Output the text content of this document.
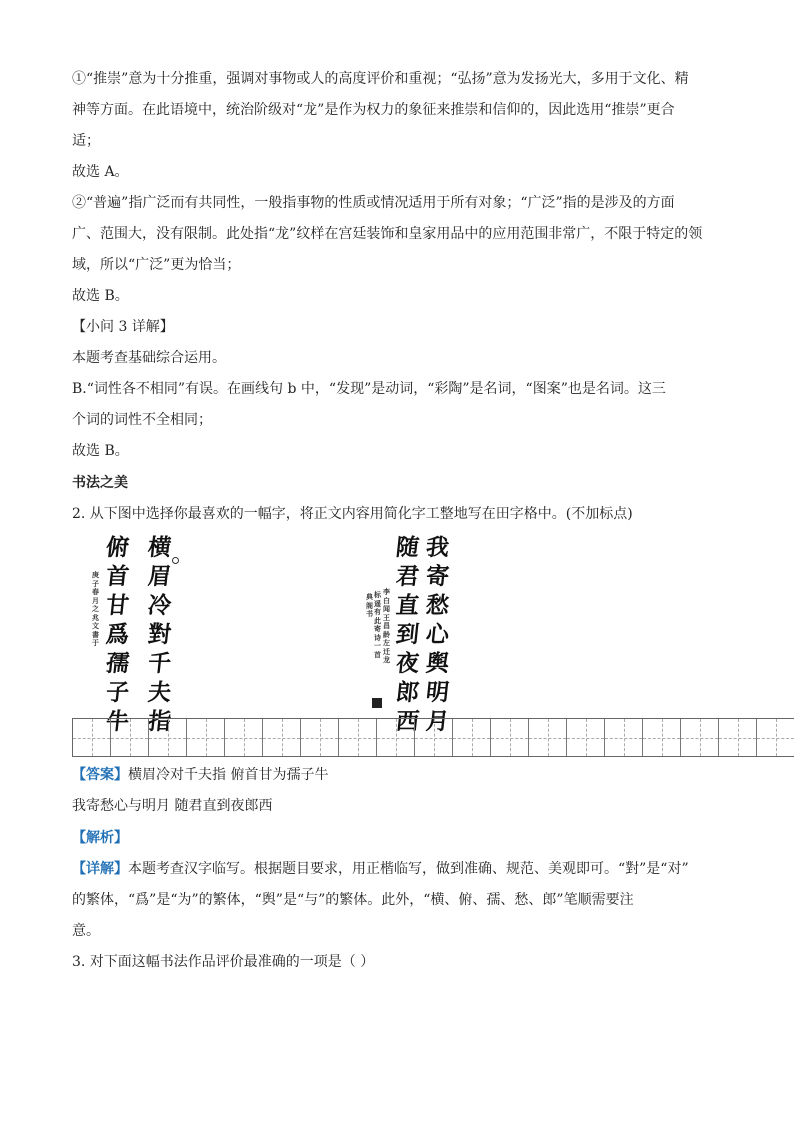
①“推崇”意为十分推重，强调对事物或人的高度评价和重视；“弘扬”意为发扬光大，多用于文化、精
神等方面。在此语境中，统治阶级对“龙”是作为权力的象征来推崇和信仰的，因此选用“推崇”更合
适；
故选 A。
②“普遍”指广泛而有共同性，一般指事物的性质或情况适用于所有对象；“广泛”指的是涉及的方面
广、范围大，没有限制。此处指“龙”纹样在宫廷装饰和皇家用品中的应用范围非常广，不限于特定的领
域，所以“广泛”更为恰当；
故选 B。
【小问 3 详解】
本题考查基础综合运用。
B.“词性各不相同”有误。在画线句 b 中，“发现”是动词，“彩陶”是名词，“图案”也是名词。这三
个词的词性不全相同；
故选 B。
书法之美
2. 从下图中选择你最喜欢的一幅字，将正文内容用简化字工整地写在田字格中。(不加标点)
横
眉
冷
對
千
夫
指
俯
首
甘
爲
孺
子
牛
庚
子
春
月
之
兆
文
書
于
我
寄
愁
心
舆
明
月
随
君
直
到
夜
郎
西
李
白
闻
王
昌
龄
左
迁
龙
标
遥
有
此
寄
诗
一
首
典
阁
书
【答案】横眉冷对千夫指 俯首甘为孺子牛
我寄愁心与明月 随君直到夜郎西
【解析】
【详解】本题考查汉字临写。根据题目要求，用正楷临写，做到准确、规范、美观即可。“對”是“对”
的繁体，“爲”是“为”的繁体，“舆”是“与”的繁体。此外，“横、俯、孺、愁、郎”笔顺需要注
意。
3. 对下面这幅书法作品评价最准确的一项是（ ）
